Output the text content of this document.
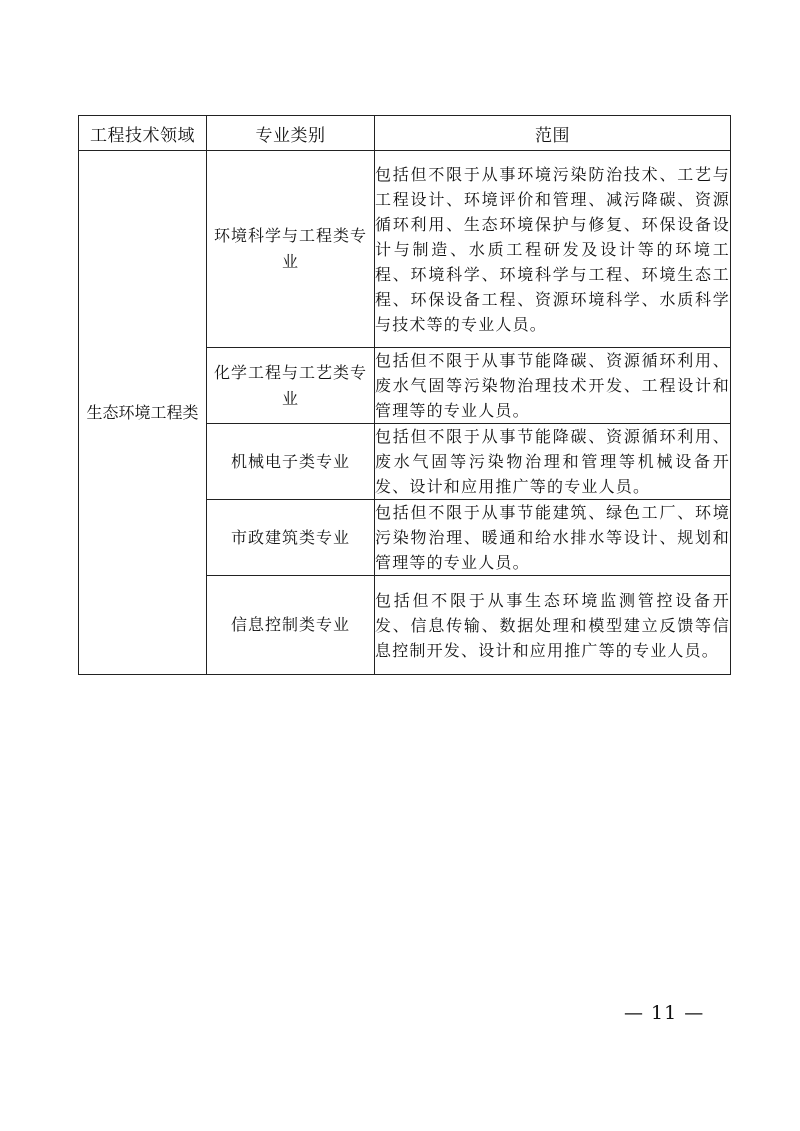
工程技术领域	专业类别	范围
生态环境工程类	环境科学与工程类专业	包括但不限于从事环境污染防治技术、工艺与工程设计、环境评价和管理、减污降碳、资源循环利用、生态环境保护与修复、环保设备设计与制造、水质工程研发及设计等的环境工程、环境科学、环境科学与工程、环境生态工程、环保设备工程、资源环境科学、水质科学与技术等的专业人员。
	化学工程与工艺类专业	包括但不限于从事节能降碳、资源循环利用、废水气固等污染物治理技术开发、工程设计和管理等的专业人员。
	机械电子类专业	包括但不限于从事节能降碳、资源循环利用、废水气固等污染物治理和管理等机械设备开发、设计和应用推广等的专业人员。
	市政建筑类专业	包括但不限于从事节能建筑、绿色工厂、环境污染物治理、暖通和给水排水等设计、规划和管理等的专业人员。
	信息控制类专业	包括但不限于从事生态环境监测管控设备开发、信息传输、数据处理和模型建立反馈等信息控制开发、设计和应用推广等的专业人员。
— 11 —
